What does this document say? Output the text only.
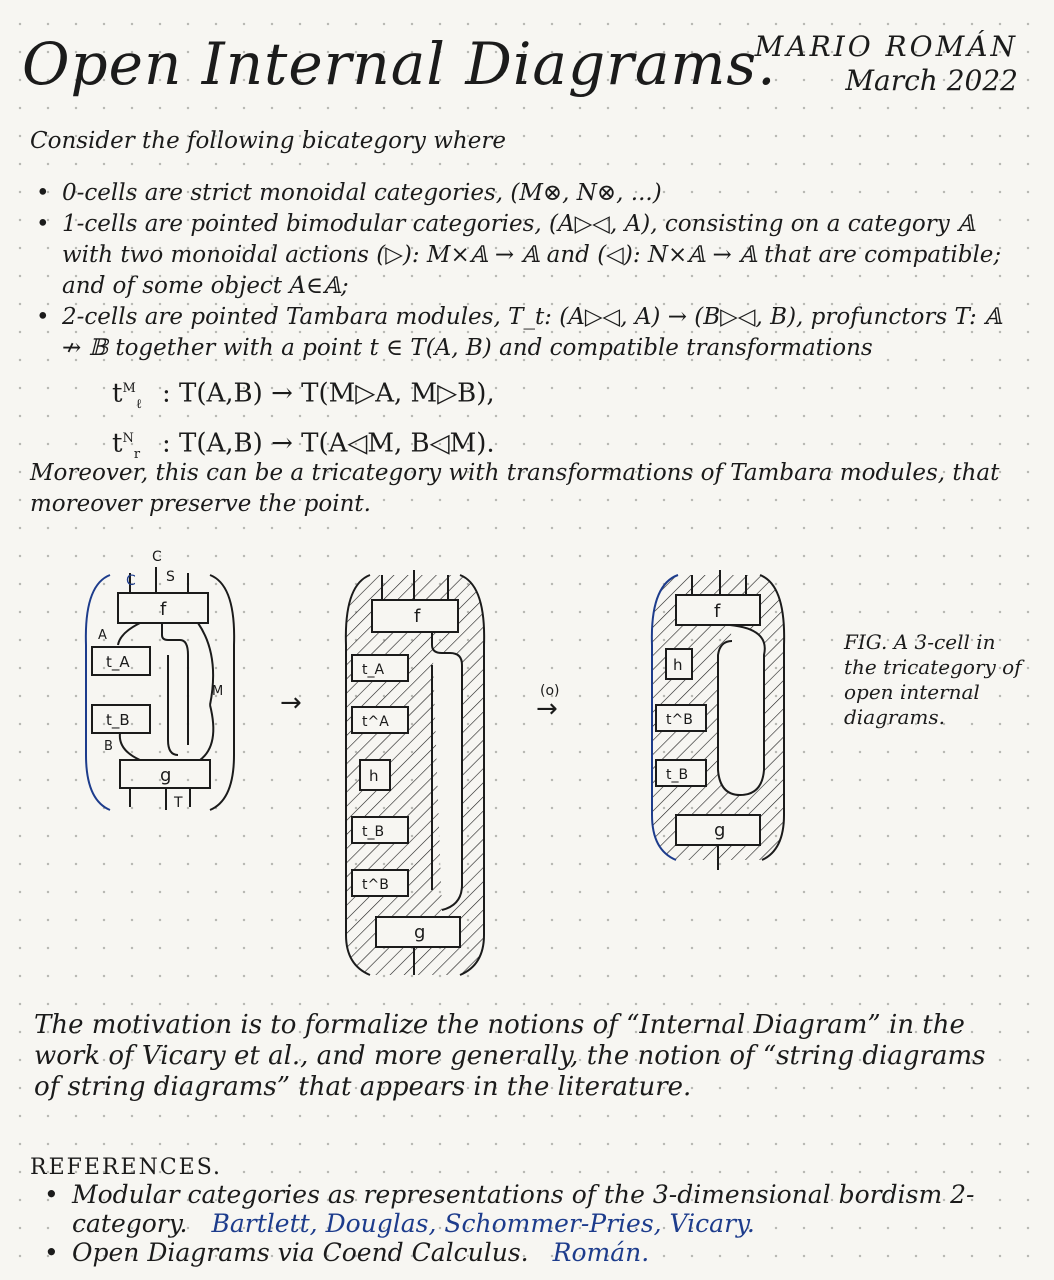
Open Internal Diagrams.
MARIO ROMÁN
March 2022
Consider the following bicategory where
• 0-cells are strict monoidal categories, (M⊗, N⊗, ...)
• 1-cells are pointed bimodular categories, (A▷◁, A), consisting on a category 𝔸 with two monoidal actions (▷): M×𝔸 → 𝔸 and (◁): N×𝔸 → 𝔸 that are compatible; and of some object A∈𝔸;
• 2-cells are pointed Tambara modules, T_t: (A▷◁, A) → (B▷◁, B), profunctors T: 𝔸 ↛ 𝔹 together with a point t ∈ T(A, B) and compatible transformations
$t^M_\ell$ : T(A,B) → T(M▷A, M▷B),
$t^N_r$ : T(A,B) → T(A◁M, B◁M).
Moreover, this can be a tricategory with transformations of Tambara modules, that moreover preserve the point.
f
C
C S
A
t_A
M
t_B
B
g
T
→
f
t_A
t^A
h
t_B
t^B
g
(o)
→
f
h
t^B
t_B
g
FIG. A 3-cell in the tricategory of open internal diagrams.
The motivation is to formalize the notions of “Internal Diagram” in the work of Vicary et al., and more generally, the notion of “string diagrams of string diagrams” that appears in the literature.
REFERENCES.
• Modular categories as representations of the 3-dimensional bordism 2-category. Bartlett, Douglas, Schommer-Pries, Vicary.
• Open Diagrams via Coend Calculus. Román.
